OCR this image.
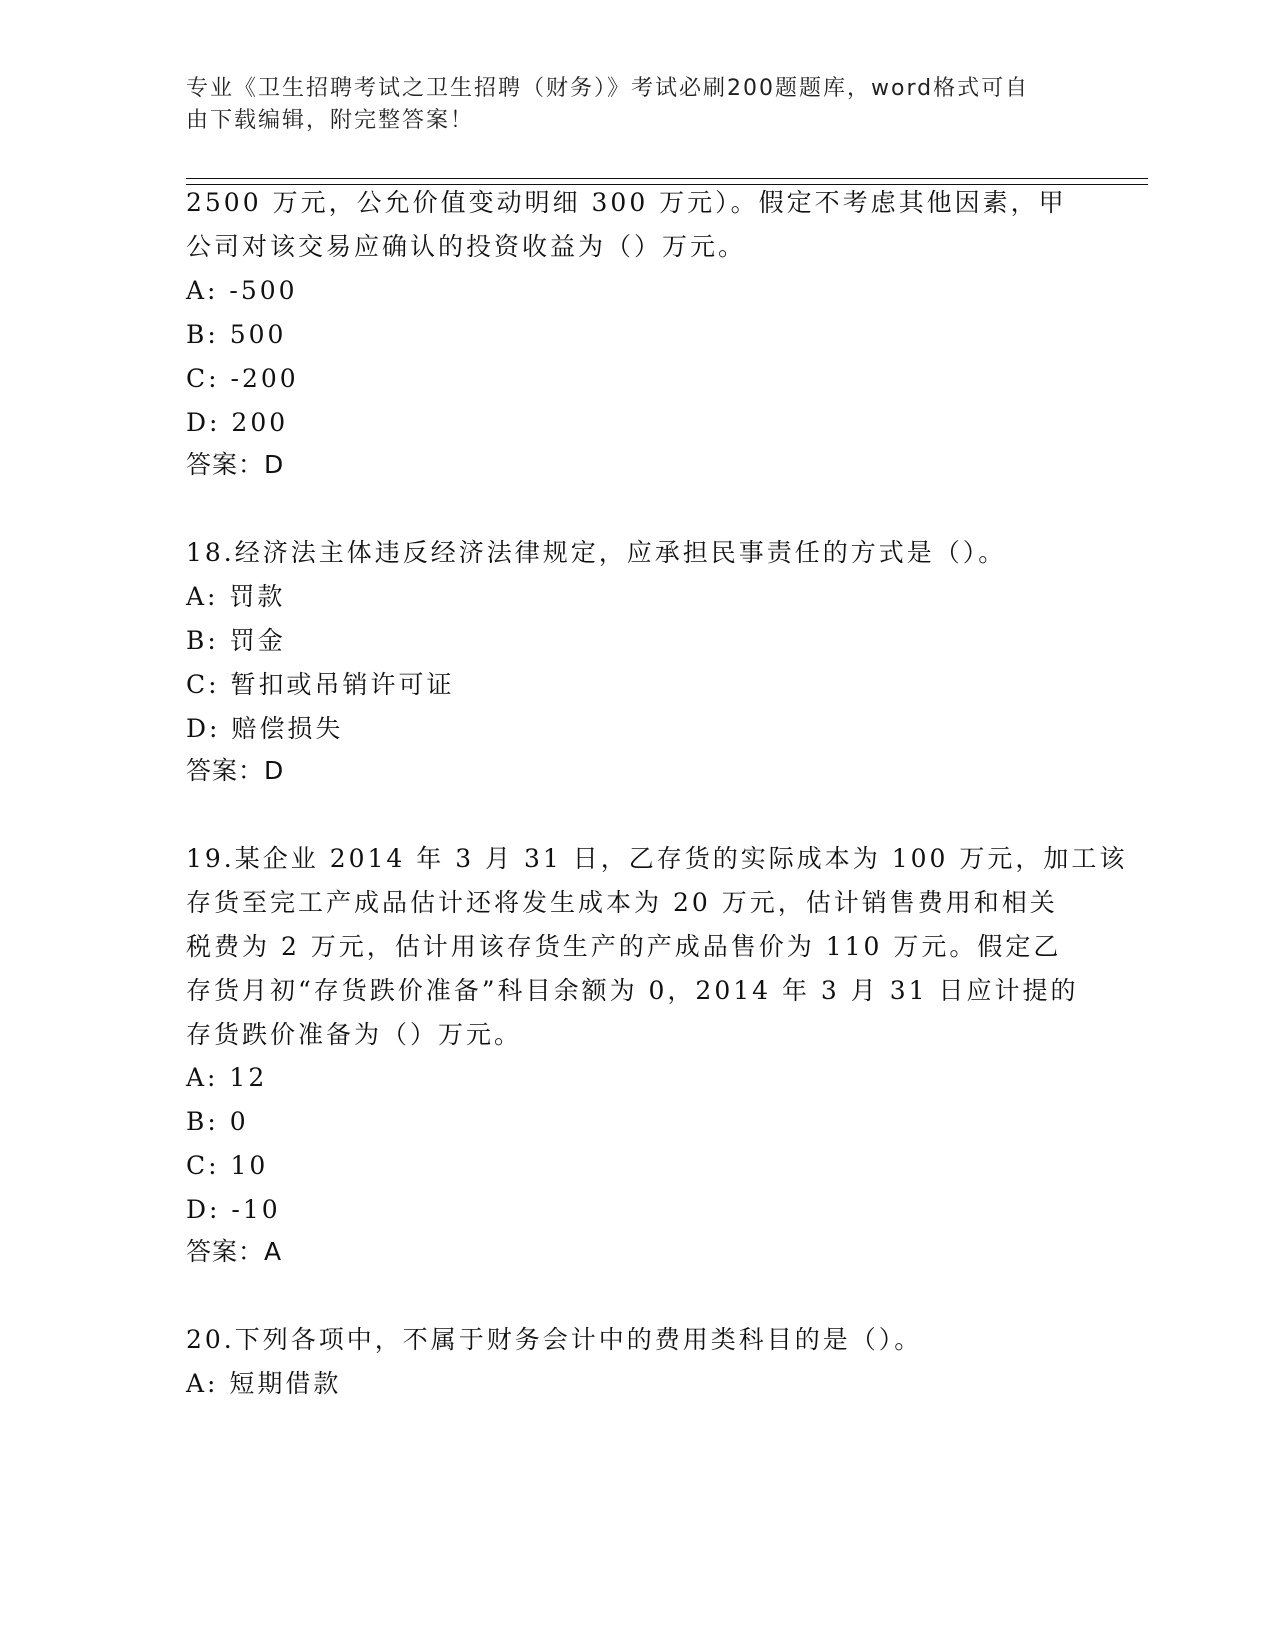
专业《卫生招聘考试之卫生招聘（财务）》考试必刷200题题库，word格式可自
由下载编辑，附完整答案！
2500 万元，公允价值变动明细 300 万元）。假定不考虑其他因素，甲
公司对该交易应确认的投资收益为（）万元。
A: -500
B: 500
C: -200
D: 200
答案：D
18.经济法主体违反经济法律规定，应承担民事责任的方式是（）。
A: 罚款
B: 罚金
C: 暂扣或吊销许可证
D: 赔偿损失
答案：D
19.某企业 2014 年 3 月 31 日，乙存货的实际成本为 100 万元，加工该
存货至完工产成品估计还将发生成本为 20 万元，估计销售费用和相关
税费为 2 万元，估计用该存货生产的产成品售价为 110 万元。假定乙
存货月初“存货跌价准备”科目余额为 0，2014 年 3 月 31 日应计提的
存货跌价准备为（）万元。
A: 12
B: 0
C: 10
D: -10
答案：A
20.下列各项中，不属于财务会计中的费用类科目的是（）。
A: 短期借款
